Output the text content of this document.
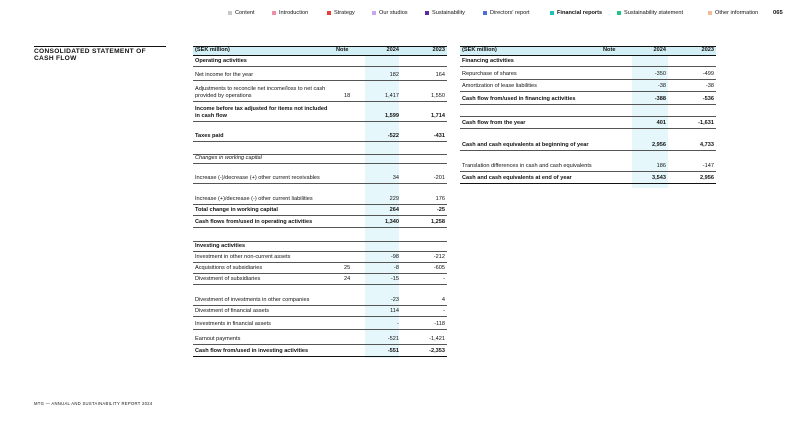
Content	Introduction	Strategy	Our studios	Sustainability	Directors' report	Financial reports	Sustainability statement	Other information	065
CONSOLIDATED STATEMENT OF CASH FLOW
(SEK million)	Note	2024	2023
Operating activities
Net income for the year	182	164
Adjustments to reconcile net income/loss to net cash provided by operations	18	1,417	1,550
Income before tax adjusted for items not included in cash flow	1,599	1,714
Taxes paid	-522	-431
Changes in working capital
Increase (-)/decrease (+) other current receivables	34	-201
Increase (+)/decrease (-) other current liabilities	229	176
Total change in working capital	264	-25
Cash flows from/used in operating activities	1,340	1,258
Investing activities
Investment in other non-current assets	-98	-212
Acquisitions of subsidiaries	25	-8	-605
Divestment of subsidiaries	24	-15	-
Divestment of investments in other companies	-23	4
Divestment of financial assets	114	-
Investments in financial assets	-	-118
Earnout payments	-521	-1,421
Cash flow from/used in investing activities	-551	-2,353
(SEK million)	Note	2024	2023
Financing activities
Repurchase of shares	-350	-499
Amortization of lease liabilities	-38	-38
Cash flow from/used in financing activities	-388	-536
Cash flow from the year	401	-1,631
Cash and cash equivalents at beginning of year	2,956	4,733
Translation differences in cash and cash equivalents	186	-147
Cash and cash equivalents at end of year	3,543	2,956
MTG — ANNUAL AND SUSTAINABILITY REPORT 2024
